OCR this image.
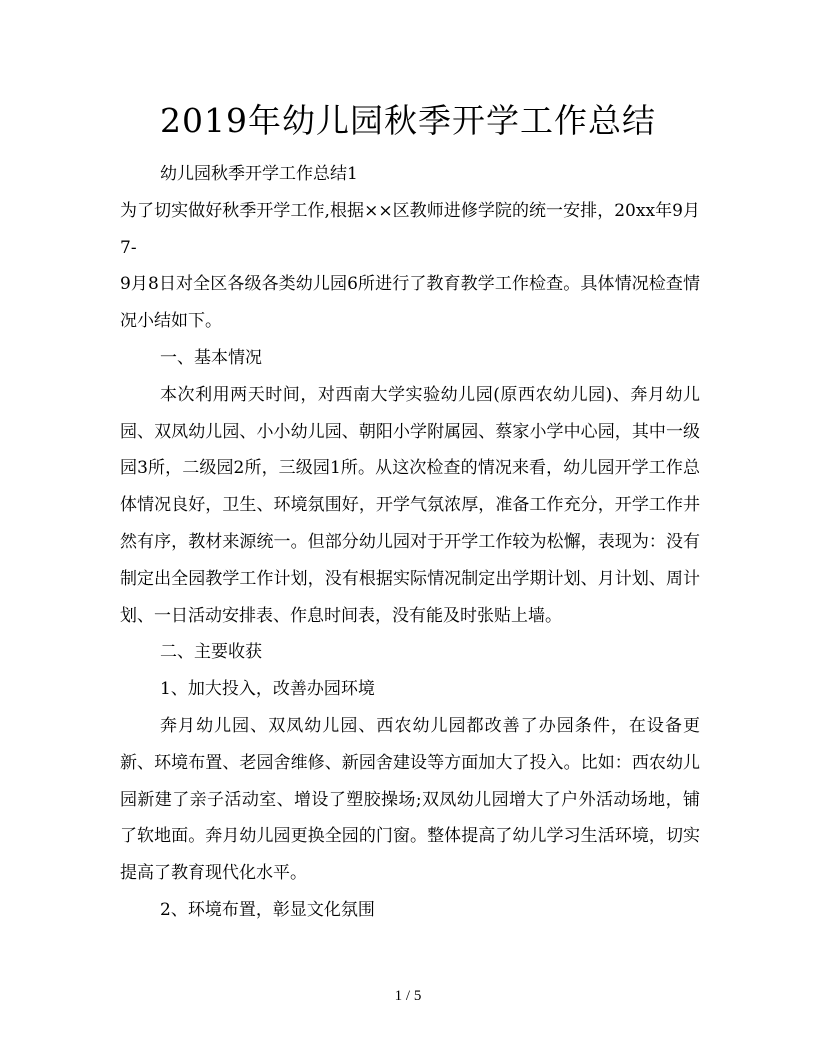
2019年幼儿园秋季开学工作总结

幼儿园秋季开学工作总结1

为了切实做好秋季开学工作,根据××区教师进修学院的统一安排，20xx年9月7-

9月8日对全区各级各类幼儿园6所进行了教育教学工作检查。具体情况检查情况小结如下。

一、基本情况

本次利用两天时间，对西南大学实验幼儿园(原西农幼儿园)、奔月幼儿园、双凤幼儿园、小小幼儿园、朝阳小学附属园、蔡家小学中心园，其中一级园3所，二级园2所，三级园1所。从这次检查的情况来看，幼儿园开学工作总体情况良好，卫生、环境氛围好，开学气氛浓厚，准备工作充分，开学工作井然有序，教材来源统一。但部分幼儿园对于开学工作较为松懈，表现为：没有制定出全园教学工作计划，没有根据实际情况制定出学期计划、月计划、周计划、一日活动安排表、作息时间表，没有能及时张贴上墙。

二、主要收获

1、加大投入，改善办园环境

奔月幼儿园、双凤幼儿园、西农幼儿园都改善了办园条件，在设备更新、环境布置、老园舍维修、新园舍建设等方面加大了投入。比如：西农幼儿园新建了亲子活动室、增设了塑胶操场;双凤幼儿园增大了户外活动场地，铺了软地面。奔月幼儿园更换全园的门窗。整体提高了幼儿学习生活环境，切实提高了教育现代化水平。

2、环境布置，彰显文化氛围

1 / 5
